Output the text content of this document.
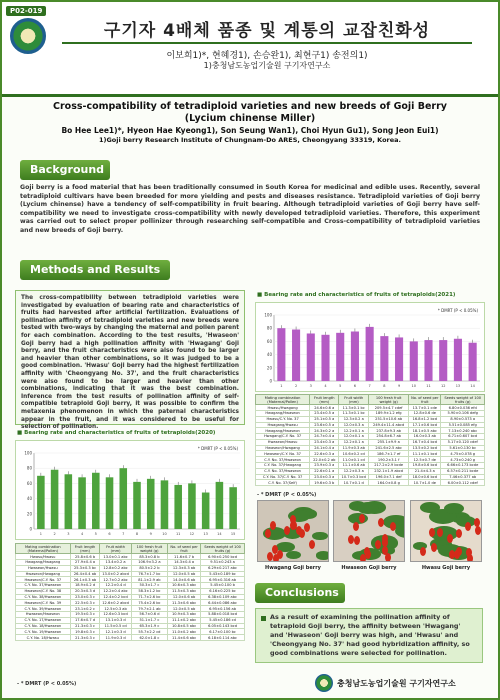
P02-019
구기자 4배체 품종 및 계통의 교잡친화성
이보희1)*, 현혜경1), 손승완1), 최현구1) 송전의1)
1)충청남도농업기술원 구기자연구소
Cross-compatibility of tetradiploid varieties and new breeds of Goji Berry (Lycium chinense Miller)
Bo Hee Lee1)*, Hyeon Hae Kyeong1), Son Seung Wan1), Choi Hyun Gu1), Song Jeon Eui1)
1)Goji berry Research Institute of Chungnam-Do ARES, Cheongyang 33319, Korea.
Background
Goji berry is a food material that has been traditionally consumed in South Korea for medicinal and edible uses. Recently, several tetradiploid cultivars have been breeded for more yielding and pests and diseases resistance. Tetradiploid varieties of Goji berry (Lycium chinense) have a tendency of self-compatibility in fruit bearing. Although tetradiploid varieties of Goji berry have self-compatibility we need to investigate cross-compatibility with newly developed tetradiploid varieties. Therefore, this experiment was carried out to select proper pollinizer through researching self-compatible and Cross-compatibility of tetradiploid varieties and new breeds of Goji berry.
Methods and Results
The cross-compatibility between tetradiploid varieties were investigated by evaluation of bearing rate and characteristics of fruits had harvested after artificial fertilization. Evaluations of pollination affinity of tetradiploid varieties and new breeds were tested with two-ways by changing the maternal and pollen parent for each combination. According to the test results, 'Hwaseon' Goji berry had a high pollination affinity with 'Hwagang' Goji berry, and the fruit characteristics were also found to be larger and heavier than other combinations, so it was judged to be a good combination. 'Hwasu' Goji berry had the highest fertilization affinity with 'Cheongyang No. 37', and the fruit characteristics were also found to be larger and heavier than other combinations, indicating that it was the best combination. Inference from the test results of pollination affinity of self-compatible tetraploid Goji berry, it was possible to confirm the metaxenia phenomenon in which the paternal characteristics appear in the fruit, and it was considered to be useful for selection of pollination.
■ Bearing rate and characteristics of fruits of tetraploids(2021)
0
20
40
60
80
100
1	2	3	4	5	6	7	8	9	10	11	12	13	14
* DMRT (P < 0.05%)
Mating combination (Maternal/Pollen)	Fruit length (mm)	Fruit width (mm)	100 fresh fruit weight (g)	No. of seed per fruit	Seeds weight of 100 fruits (g)
Hwasu/Hwagang	24.6±0.6 a	11.3±0.1 bc	209.5±4.7 cdef	13.7±0.1 cde	6.80±0.036 efd
Hwagang/Hwaseon	23.4±0.5 a	11.3±0.1 bc	189.9±1.2 efg	12.8±0.6 de	5.90±0.106 defg
Hwasu/C.Y. No. 37	25.1±0.5 a	12.3±0.2 a	251.5±10.6 ab	16.8±1.2 bcd	8.90±0.573 a
Hwagang/Hwasu	23.6±0.5 a	12.0±0.3 a	249.4±11.4 abcd	17.1±0.6 bcd	5.51±0.085 efg
Hwagang/Hwaseon	24.3±0.2 a	12.2±0.1 a	237.8±9.3 ab	18.1±0.5 abc	7.13±0.240 abc
Hwagang/C.Y. No. 37	24.7±0.4 a	12.0±0.1 a	254.8±6.7 ab	16.0±0.3 ab	6.71±0.607 bcd
Hwaseon/Hwasu	23.4±0.3 a	12.2±0.1 a	255.1±9.9 a	16.7±0.4 bcd	5.17±0.120 cdef
Hwaseon/Hwagang	24.1±0.4 a	11.9±0.3 ab	241.6±2.5 abc	13.5±0.2 bcd	5.61±0.130 bc
Hwaseon/C.Y. No. 37	22.6±0.3 a	10.6±0.2 cd	186.7±1.7 ef	11.1±0.1 bcd	4.75±0.078 g
C.Y. No. 37/Hwaseon	22.0±0.2 ab	11.0±0.1 cd	190.2±3.1 f	12.5±0.7 de	4.73±0.240 g
C.Y. No. 37/Hwagang	23.9±0.3 a	11.1±0.6 ab	217.2±2.9 bcde	19.8±0.6 bcd	6.66±0.173 bcde
C.Y. No. 37/Hwaseon	22.6±0.1 a	12.2±0.3 a	232.1±1.9 abcd	21.4±4.3 a	6.57±0.211 bcde
C.Y. No. 37/C.Y. No. 37	23.0±0.3 a	10.7±0.3 bcd	196.0±7.1 def	18.0±0.6 bcd	7.46±0.377 ab
C.Y. No. 37(Self)	19.6±0.3 b	10.7±0.1 d	164.0±0.8 g	10.7±1.0 de	6.00±0.112 cdef
- * DMRT (P < 0.05%)
■ Bearing rate and characteristics of fruits of tetraploids(2020)
0
20
40
60
80
100
1	2	3	4	5	6	7	8	9	10	11	12	13	14	15
* DMRT (P < 0.05%)
Mating combination (Maternal/Pollen)	Fruit length (mm)	Fruit width (mm)	100 fresh fruit weight (g)	No. of seed per fruit	Seeds weight of 100 fruits (g)
Hwasu/Hwasu	25.8±0.6 b	13.0±0.1 abc	85.3±0.8 b	11.6±0.7 b	6.90±0.250 bcd
Hwagang/Hwagang	27.9±0.4 a	13.4±0.2 a	106.9±3.2 a	14.3±0.4 a	9.51±0.243 a
Hwaseon/Hwasu	25.3±0.3 bc	12.8±0.2 abc	80.5±2.2 b	12.3±0.3 ab	6.29±0.217 abc
Hwaseon/Hwagang	26.4±0.4 ab	13.0±0.2 abcd	76.7±1.7 bc	12.0±0.5 ab	5.43±0.189 bc
Hwaseon/C.Y. No. 37	26.1±0.3 ab	12.7±0.2 abc	81.1±2.9 ab	14.0±0.6 ab	6.95±0.316 ab
C.Y. No. 37/Hwaseon	18.9±0.2 d	12.2±0.4 d	50.3±1.7 c	10.6±0.3 abc	5.45±0.100 b
Hwaseon/C.Y. No. 38	20.3±0.3 d	12.2±0.4 abc	58.3±1.2 bc	11.5±0.3 abc	6.16±0.225 bc
C.Y. No. 38/Hwaseon	23.0±0.3 c	12.4±0.2 bcd	71.7±2.6 bc	12.0±0.6 ab	6.38±0.109 abc
Hwaseon/C.Y. No. 39	22.5±0.3 c	12.6±0.2 abcd	75.4±2.6 bc	11.3±0.6 abc	6.44±0.086 abc
C.Y. No. 39/Hwaseon	23.1±0.2 c	12.5±0.3 ab	79.7±2.1 ab	12.0±0.5 ab	6.95±0.156 ab
Hwaseon/Hwaseon	19.5±0.3 c	12.6±0.3 bcd	56.7±0.6 d	10.9±0.3 abc	5.88±0.018 bcd
C.Y. No. 17/Hwaseon	17.6±0.7 d	13.1±0.3 d	51.1±1.7 c	11.1±0.2 abc	5.45±0.186 cd
C.Y. No. 18/Hwaseon	21.3±0.3 c	11.5±0.5 cd	65.3±1.9 c	10.8±0.5 abc	6.05±0.143 bcd
C.Y. No. 19/Hwaseon	19.8±0.3 c	12.1±0.3 d	55.7±2.2 cd	11.0±0.2 abc	6.17±0.100 bc
C.Y. No. 18/Hwasu	21.3±0.3 c	11.9±0.3 d	62.0±1.8 c	11.4±0.6 abc	6.18±0.114 abc
- * DMRT (P < 0.05%)
Hwagang Goji berry	Hwaseon Goji berry	Hwasu Goji berry
Conclusions
As a result of examining the pollination affinity of tetraploid Goji berry, the affinity between 'Hwagang' and 'Hwaseon' Goji berry was high, and 'Hwasu' and 'Cheongyang No. 37' had good hybridization affinity, so good combinations were selected for pollination.
충청남도농업기술원 구기자연구소
